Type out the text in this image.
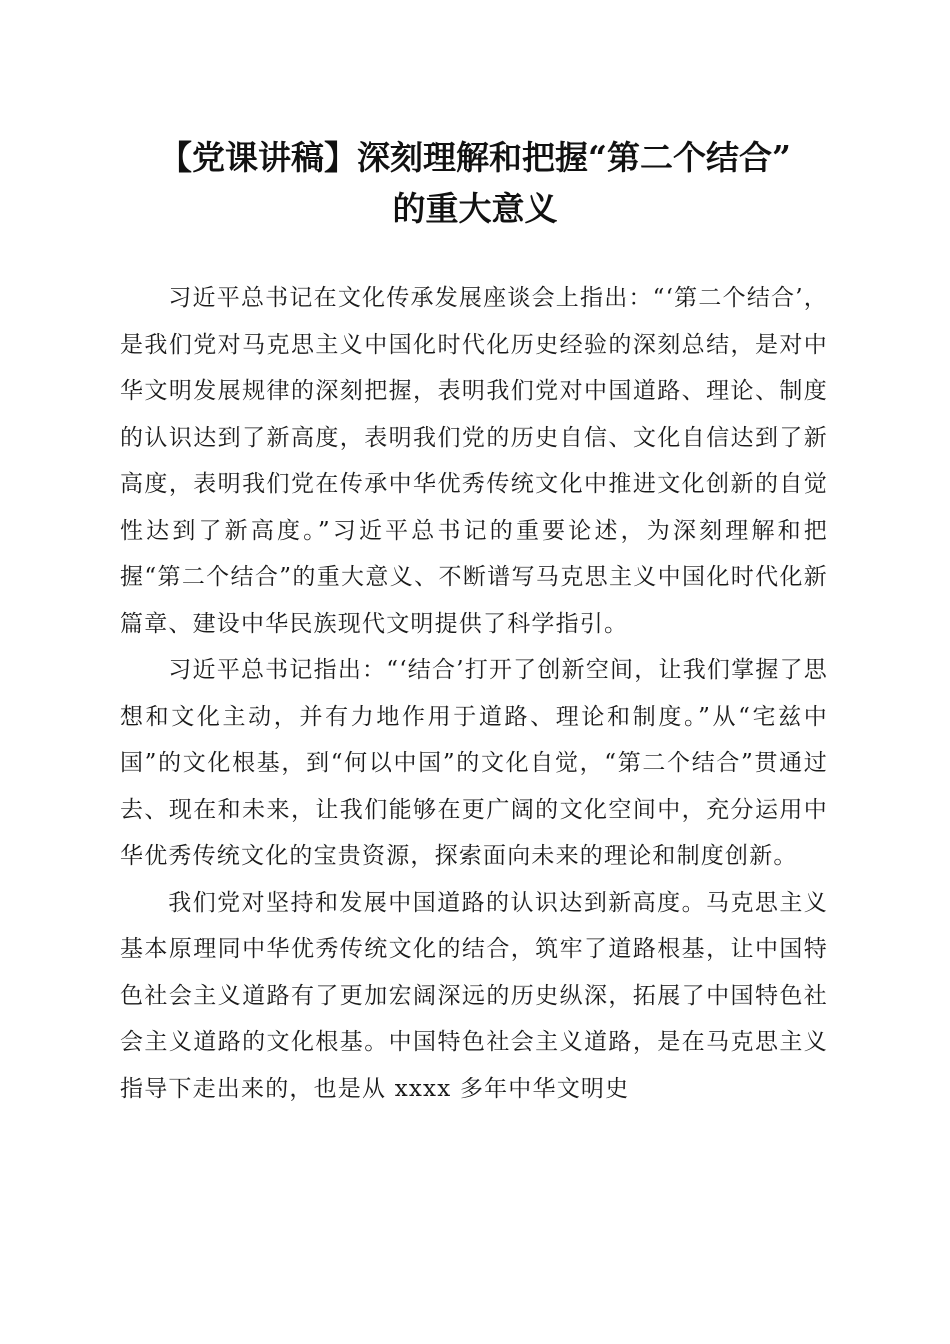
【党课讲稿】深刻理解和把握“第二个结合”
的重大意义

习近平总书记在文化传承发展座谈会上指出：“‘第二个结合’，是我们党对马克思主义中国化时代化历史经验的深刻总结，是对中华文明发展规律的深刻把握，表明我们党对中国道路、理论、制度的认识达到了新高度，表明我们党的历史自信、文化自信达到了新高度，表明我们党在传承中华优秀传统文化中推进文化创新的自觉性达到了新高度。”习近平总书记的重要论述，为深刻理解和把握“第二个结合”的重大意义、不断谱写马克思主义中国化时代化新篇章、建设中华民族现代文明提供了科学指引。

习近平总书记指出：“‘结合’打开了创新空间，让我们掌握了思想和文化主动，并有力地作用于道路、理论和制度。”从“宅兹中国”的文化根基，到“何以中国”的文化自觉，“第二个结合”贯通过去、现在和未来，让我们能够在更广阔的文化空间中，充分运用中华优秀传统文化的宝贵资源，探索面向未来的理论和制度创新。

我们党对坚持和发展中国道路的认识达到新高度。马克思主义基本原理同中华优秀传统文化的结合，筑牢了道路根基，让中国特色社会主义道路有了更加宏阔深远的历史纵深，拓展了中国特色社会主义道路的文化根基。中国特色社会主义道路，是在马克思主义指导下走出来的，也是从 xxxx 多年中华文明史
